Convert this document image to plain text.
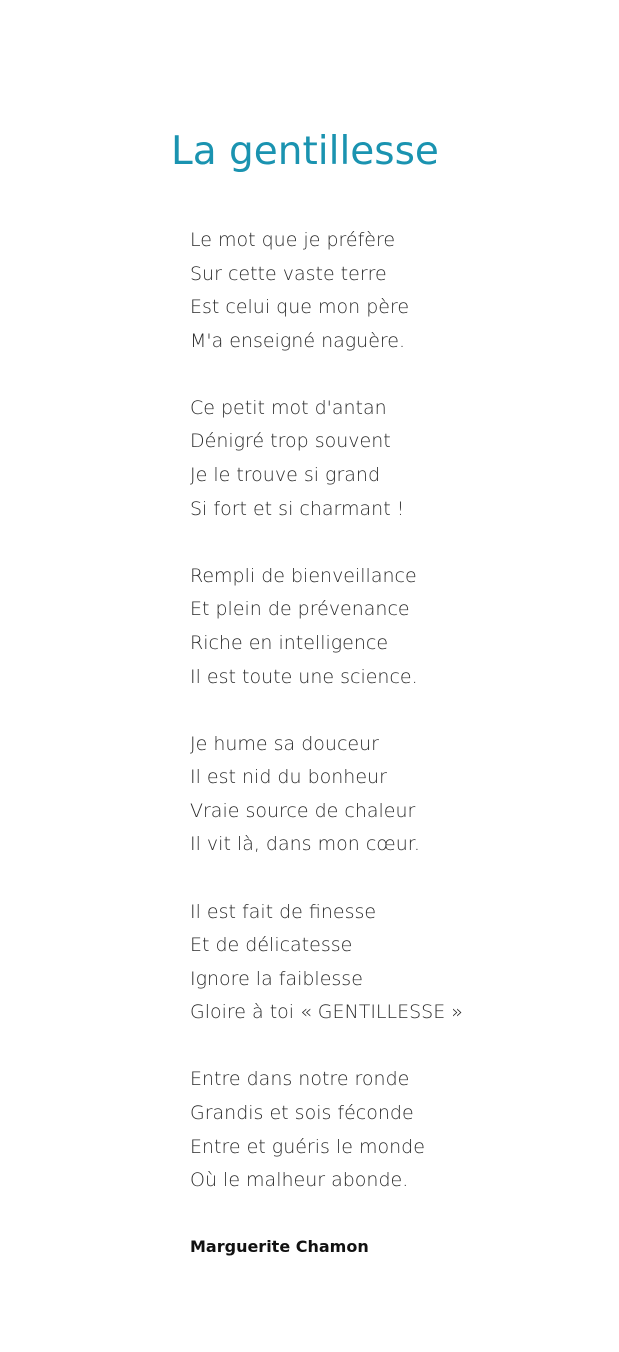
La gentillesse
Le mot que je préfère
Sur cette vaste terre
Est celui que mon père
M'a enseigné naguère.
Ce petit mot d'antan
Dénigré trop souvent
Je le trouve si grand
Si fort et si charmant !
Rempli de bienveillance
Et plein de prévenance
Riche en intelligence
Il est toute une science.
Je hume sa douceur
Il est nid du bonheur
Vraie source de chaleur
Il vit là, dans mon cœur.
Il est fait de finesse
Et de délicatesse
Ignore la faiblesse
Gloire à toi « GENTILLESSE »
Entre dans notre ronde
Grandis et sois féconde
Entre et guéris le monde
Où le malheur abonde.

Marguerite Chamon
